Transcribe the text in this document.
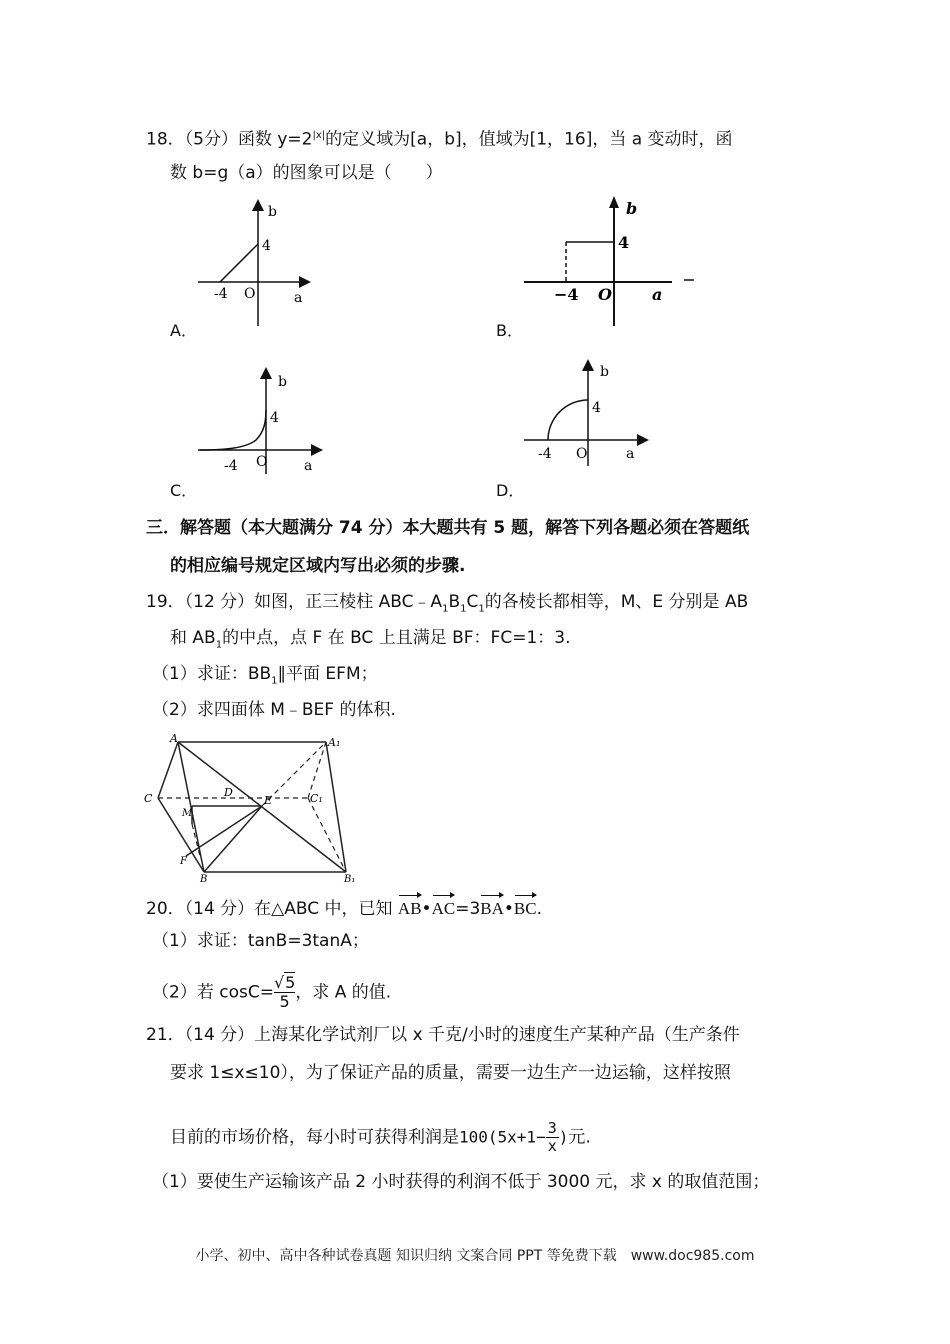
18．（5分）函数 $y=2^{|x|}$的定义域为[a，b]，值域为[1，16]，当 a 变动时，函
数 b=g（a）的图象可以是（　　）
b
4
-4 O	a
A．
b
4
−4 O	a
B．
b
4
-4 O	a
C．
b
4
-4 O	a
D．
三．解答题（本大题满分 74 分）本大题共有 5 题，解答下列各题必须在答题纸
的相应编号规定区域内写出必须的步骤.
19．（12 分）如图，正三棱柱 $ABC﹣A_1B_1C_1$的各棱长都相等，M、E 分别是 AB
和 $AB_1$的中点，点 F 在 BC 上且满足 BF：FC=1：3.
（1）求证：$BB_1\parallel$平面 EFM；
（2）求四面体 M﹣BEF 的体积.
A	A₁
C	C₁
D
E
M
F
B	B₁
20．（14 分）在△ABC 中，已知 AB•AC=3BA•BC.
（1）求证：tanB=3tanA；
（2）若 $\cos C= \frac{√5}{5}$，求 A 的值.
21．（14 分）上海某化学试剂厂以 x 千克/小时的速度生产某种产品（生产条件
要求 1≤x≤10），为了保证产品的质量，需要一边生产一边运输，这样按照
目前的市场价格，每小时可获得利润是$100(5x+1- \frac{3}{x}$ )元.
（1）要使生产运输该产品 2 小时获得的利润不低于 3000 元，求 x 的取值范围；
小学、初中、高中各种试卷真题 知识归纳 文案合同 PPT 等免费下载　www.doc985.com
